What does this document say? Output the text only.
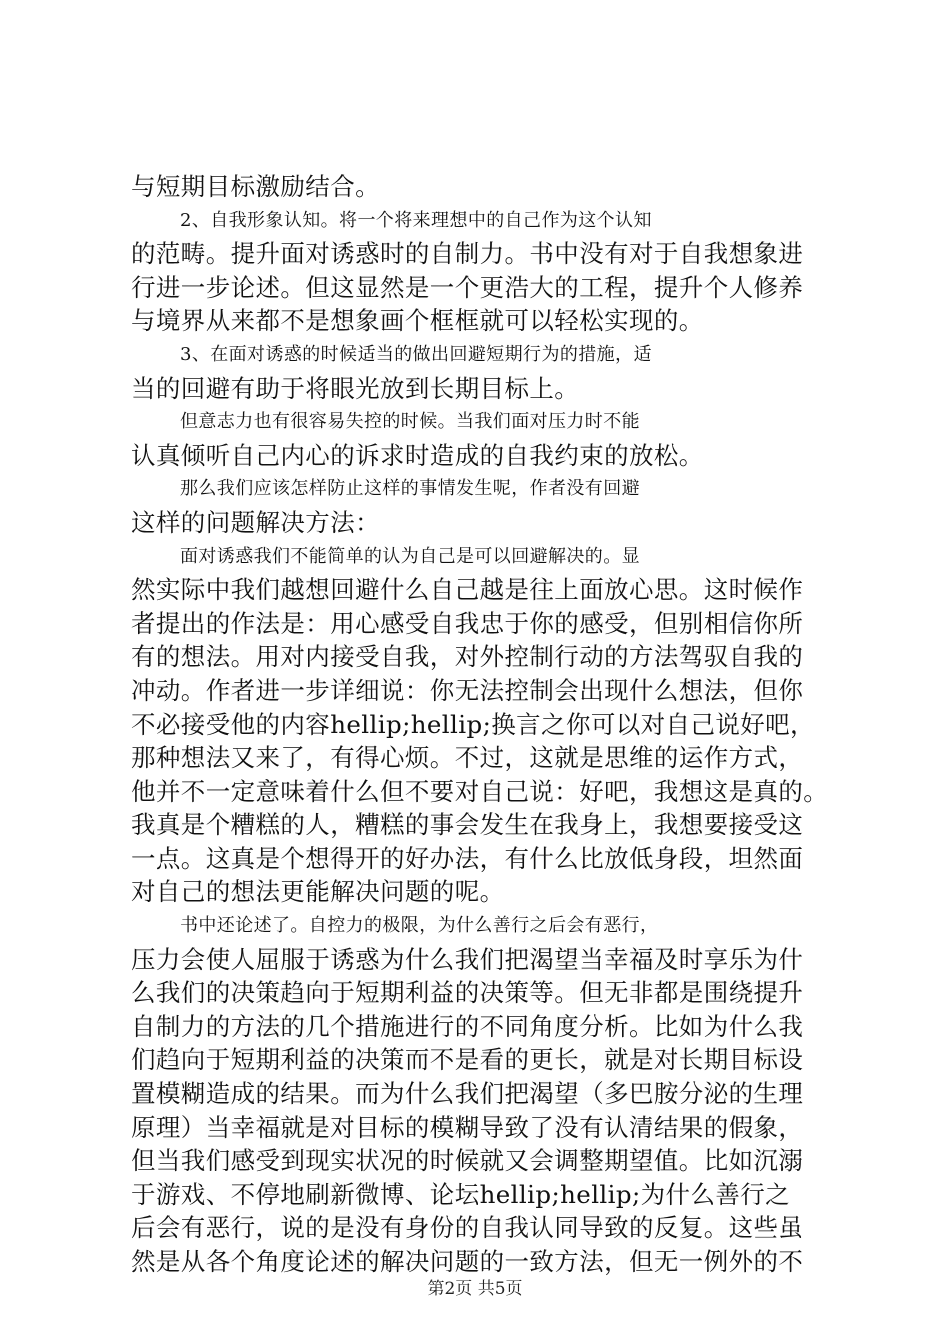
与短期目标激励结合。
2、自我形象认知。将一个将来理想中的自己作为这个认知
的范畴。提升面对诱惑时的自制力。书中没有对于自我想象进
行进一步论述。但这显然是一个更浩大的工程，提升个人修养
与境界从来都不是想象画个框框就可以轻松实现的。
3、在面对诱惑的时候适当的做出回避短期行为的措施，适
当的回避有助于将眼光放到长期目标上。
但意志力也有很容易失控的时候。当我们面对压力时不能
认真倾听自己内心的诉求时造成的自我约束的放松。
那么我们应该怎样防止这样的事情发生呢，作者没有回避
这样的问题解决方法：
面对诱惑我们不能简单的认为自己是可以回避解决的。显
然实际中我们越想回避什么自己越是往上面放心思。这时候作
者提出的作法是：用心感受自我忠于你的感受，但别相信你所
有的想法。用对内接受自我，对外控制行动的方法驾驭自我的
冲动。作者进一步详细说：你无法控制会出现什么想法，但你
不必接受他的内容hellip;hellip;换言之你可以对自己说好吧，
那种想法又来了，有得心烦。不过，这就是思维的运作方式，
他并不一定意味着什么但不要对自己说：好吧，我想这是真的。
我真是个糟糕的人，糟糕的事会发生在我身上，我想要接受这
一点。这真是个想得开的好办法，有什么比放低身段，坦然面
对自己的想法更能解决问题的呢。
书中还论述了。自控力的极限，为什么善行之后会有恶行，
压力会使人屈服于诱惑为什么我们把渴望当幸福及时享乐为什
么我们的决策趋向于短期利益的决策等。但无非都是围绕提升
自制力的方法的几个措施进行的不同角度分析。比如为什么我
们趋向于短期利益的决策而不是看的更长，就是对长期目标设
置模糊造成的结果。而为什么我们把渴望（多巴胺分泌的生理
原理）当幸福就是对目标的模糊导致了没有认清结果的假象，
但当我们感受到现实状况的时候就又会调整期望值。比如沉溺
于游戏、不停地刷新微博、论坛hellip;hellip;为什么善行之
后会有恶行，说的是没有身份的自我认同导致的反复。这些虽
然是从各个角度论述的解决问题的一致方法，但无一例外的不
第2页 共5页
